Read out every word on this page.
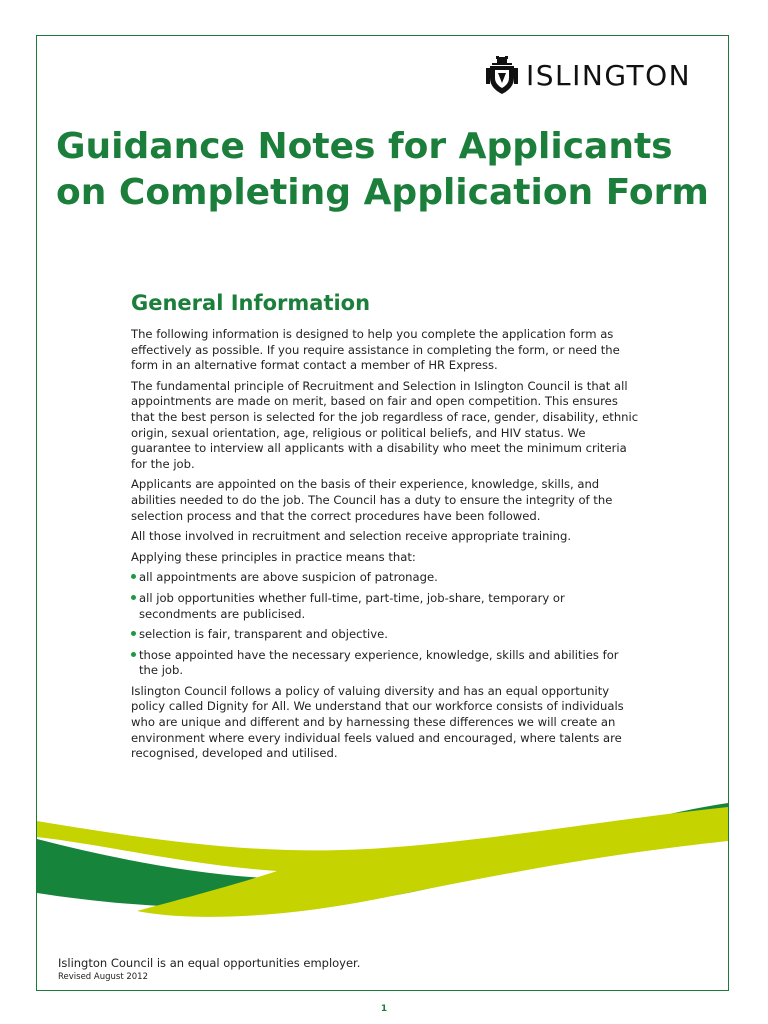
ISLINGTON
Guidance Notes for Applicants on Completing Application Form
General Information

The following information is designed to help you complete the application form as effectively as possible. If you require assistance in completing the form, or need the form in an alternative format contact a member of HR Express.

The fundamental principle of Recruitment and Selection in Islington Council is that all appointments are made on merit, based on fair and open competition. This ensures that the best person is selected for the job regardless of race, gender, disability, ethnic origin, sexual orientation, age, religious or political beliefs, and HIV status. We guarantee to interview all applicants with a disability who meet the minimum criteria for the job.

Applicants are appointed on the basis of their experience, knowledge, skills, and abilities needed to do the job. The Council has a duty to ensure the integrity of the selection process and that the correct procedures have been followed.

All those involved in recruitment and selection receive appropriate training.

Applying these principles in practice means that:

all appointments are above suspicion of patronage.
all job opportunities whether full-time, part-time, job-share, temporary or secondments are publicised.
selection is fair, transparent and objective.
those appointed have the necessary experience, knowledge, skills and abilities for the job.

Islington Council follows a policy of valuing diversity and has an equal opportunity policy called Dignity for All. We understand that our workforce consists of individuals who are unique and different and by harnessing these differences we will create an environment where every individual feels valued and encouraged, where talents are recognised, developed and utilised.

Islington Council is an equal opportunities employer.

Revised August 2012

1
